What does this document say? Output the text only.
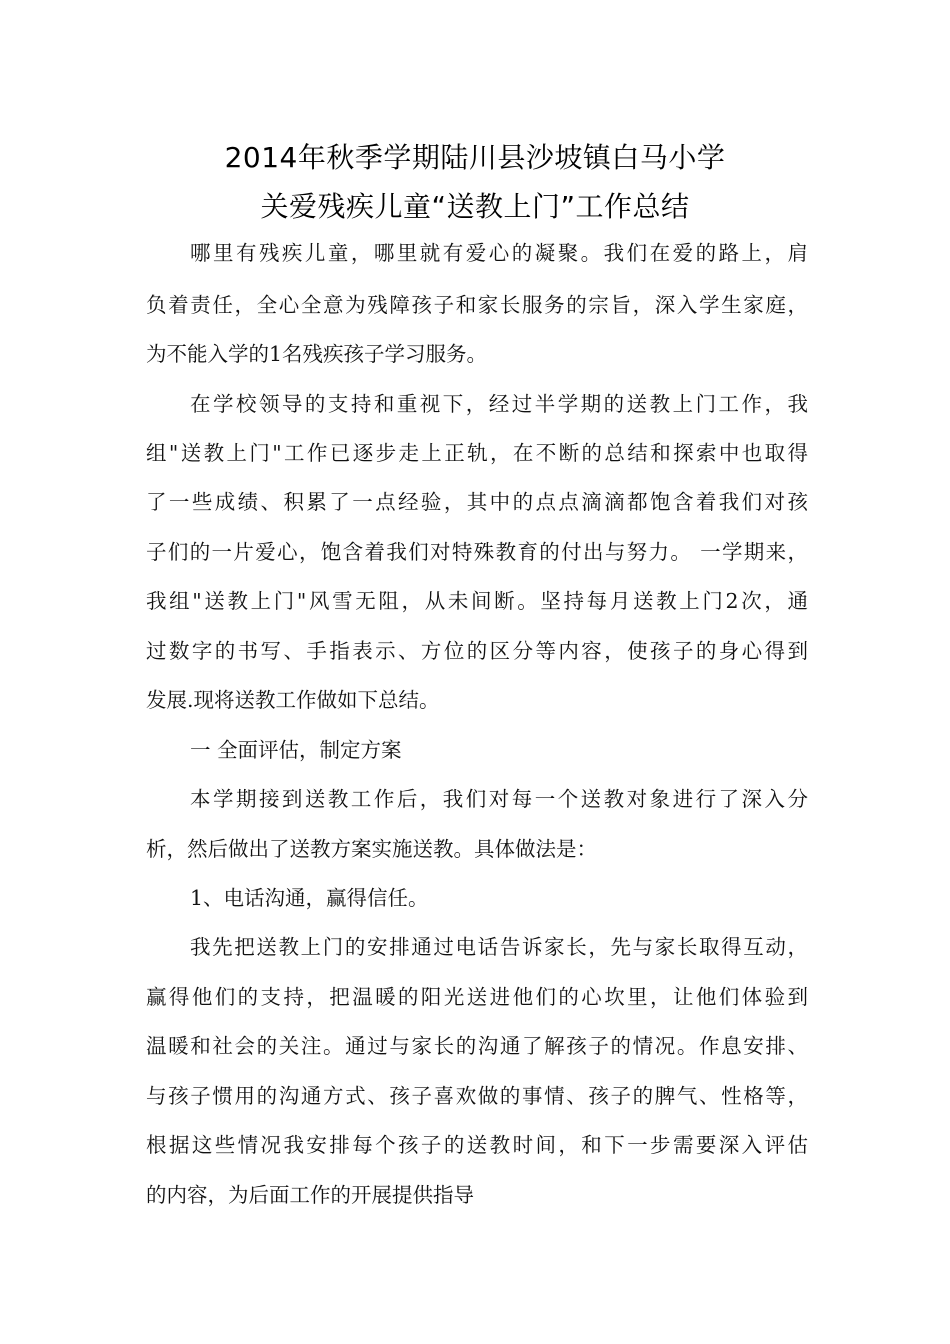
2014年秋季学期陆川县沙坡镇白马小学
关爱残疾儿童“送教上门”工作总结
哪里有残疾儿童，哪里就有爱心的凝聚。我们在爱的路上，肩
负着责任，全心全意为残障孩子和家长服务的宗旨，深入学生家庭，
为不能入学的1名残疾孩子学习服务。
在学校领导的支持和重视下，经过半学期的送教上门工作，我
组"送教上门"工作已逐步走上正轨，在不断的总结和探索中也取得
了一些成绩、积累了一点经验，其中的点点滴滴都饱含着我们对孩
子们的一片爱心，饱含着我们对特殊教育的付出与努力。 一学期来，
我组"送教上门"风雪无阻，从未间断。坚持每月送教上门2次，通
过数字的书写、手指表示、方位的区分等内容，使孩子的身心得到
发展.现将送教工作做如下总结。
一 全面评估，制定方案
本学期接到送教工作后，我们对每一个送教对象进行了深入分
析，然后做出了送教方案实施送教。具体做法是：
1、电话沟通，赢得信任。
我先把送教上门的安排通过电话告诉家长，先与家长取得互动，
赢得他们的支持，把温暖的阳光送进他们的心坎里，让他们体验到
温暖和社会的关注。通过与家长的沟通了解孩子的情况。作息安排、
与孩子惯用的沟通方式、孩子喜欢做的事情、孩子的脾气、性格等，
根据这些情况我安排每个孩子的送教时间，和下一步需要深入评估
的内容，为后面工作的开展提供指导
